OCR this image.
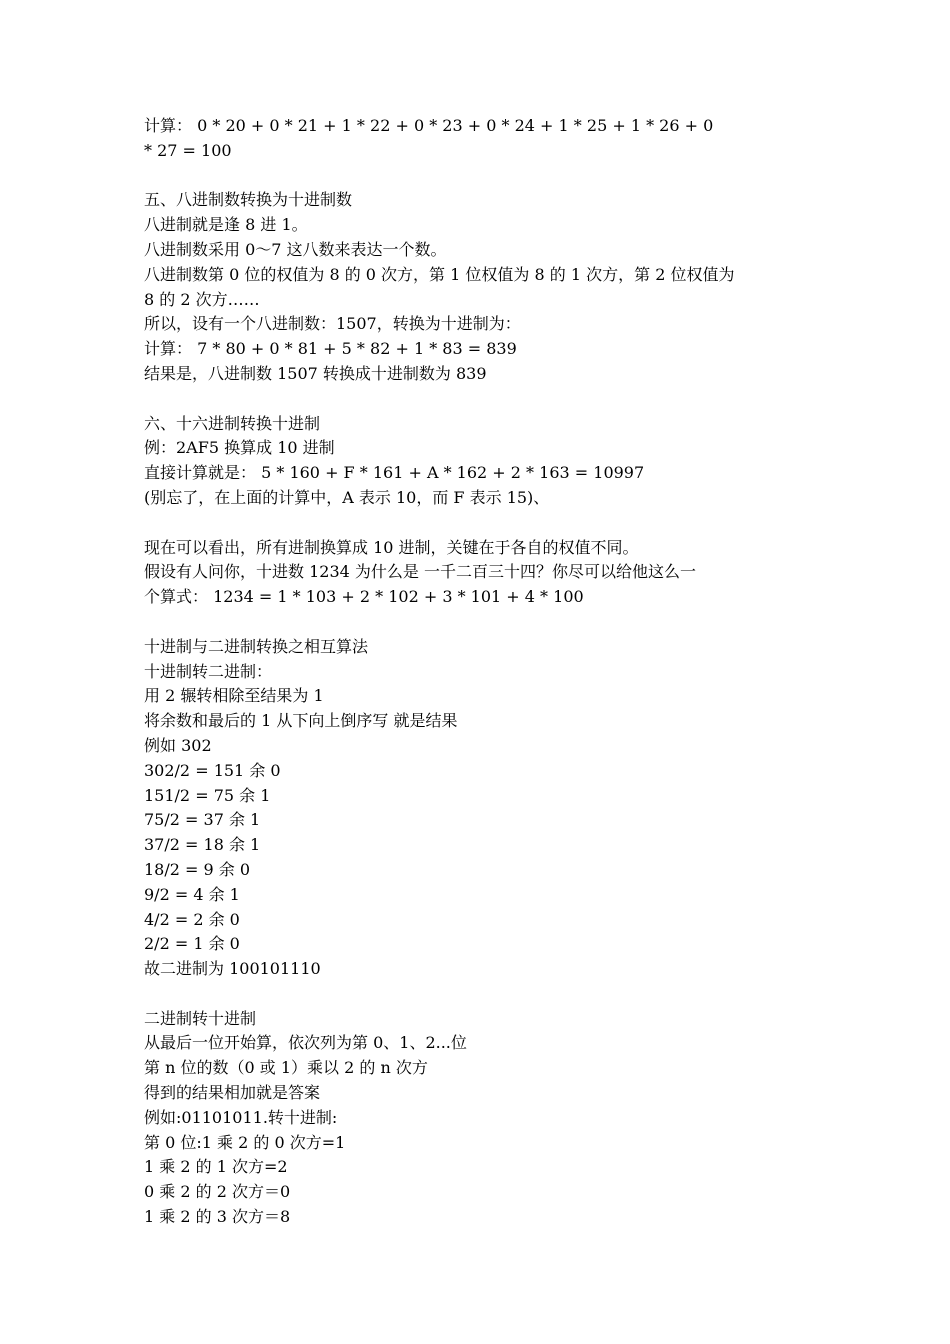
计算： 0 * 20 + 0 * 21 + 1 * 22 + 0 * 23 + 0 * 24 + 1 * 25 + 1 * 26 + 0
* 27 = 100
五、八进制数转换为十进制数
八进制就是逢 8 进 1。
八进制数采用 0～7 这八数来表达一个数。
八进制数第 0 位的权值为 8 的 0 次方，第 1 位权值为 8 的 1 次方，第 2 位权值为
8 的 2 次方……
所以，设有一个八进制数：1507，转换为十进制为：
计算： 7 * 80 + 0 * 81 + 5 * 82 + 1 * 83 = 839
结果是，八进制数 1507 转换成十进制数为 839
六、十六进制转换十进制
例：2AF5 换算成 10 进制
直接计算就是： 5 * 160 + F * 161 + A * 162 + 2 * 163 = 10997
(别忘了，在上面的计算中，A 表示 10，而 F 表示 15)、
现在可以看出，所有进制换算成 10 进制，关键在于各自的权值不同。
假设有人问你，十进数 1234 为什么是 一千二百三十四？你尽可以给他这么一
个算式： 1234 = 1 * 103 + 2 * 102 + 3 * 101 + 4 * 100
十进制与二进制转换之相互算法
十进制转二进制：
用 2 辗转相除至结果为 1
将余数和最后的 1 从下向上倒序写 就是结果
例如 302
302/2 = 151 余 0
151/2 = 75 余 1
75/2 = 37 余 1
37/2 = 18 余 1
18/2 = 9 余 0
9/2 = 4 余 1
4/2 = 2 余 0
2/2 = 1 余 0
故二进制为 100101110
二进制转十进制
从最后一位开始算，依次列为第 0、1、2...位
第 n 位的数（0 或 1）乘以 2 的 n 次方
得到的结果相加就是答案
例如:01101011.转十进制:
第 0 位:1 乘 2 的 0 次方=1
1 乘 2 的 1 次方=2
0 乘 2 的 2 次方＝0
1 乘 2 的 3 次方＝8
